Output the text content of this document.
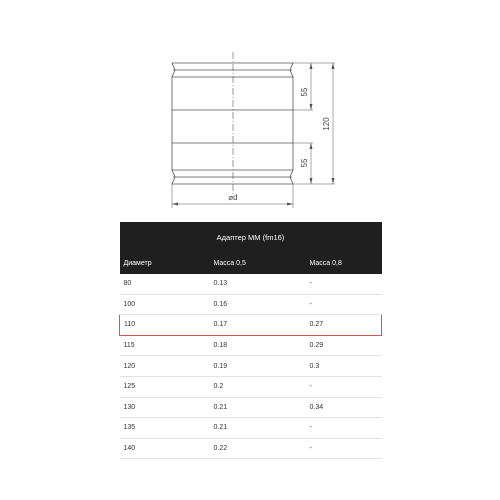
55
55
120
⌀d
Адаптер ММ (fm16)		
Диаметр	Масса 0,5	Масса 0,8
80	0.13	-
100	0.16	-
110	0.17	0.27
115	0.18	0.29
120	0.19	0.3
125	0.2	-
130	0.21	0.34
135	0.21	-
140	0.22	-
